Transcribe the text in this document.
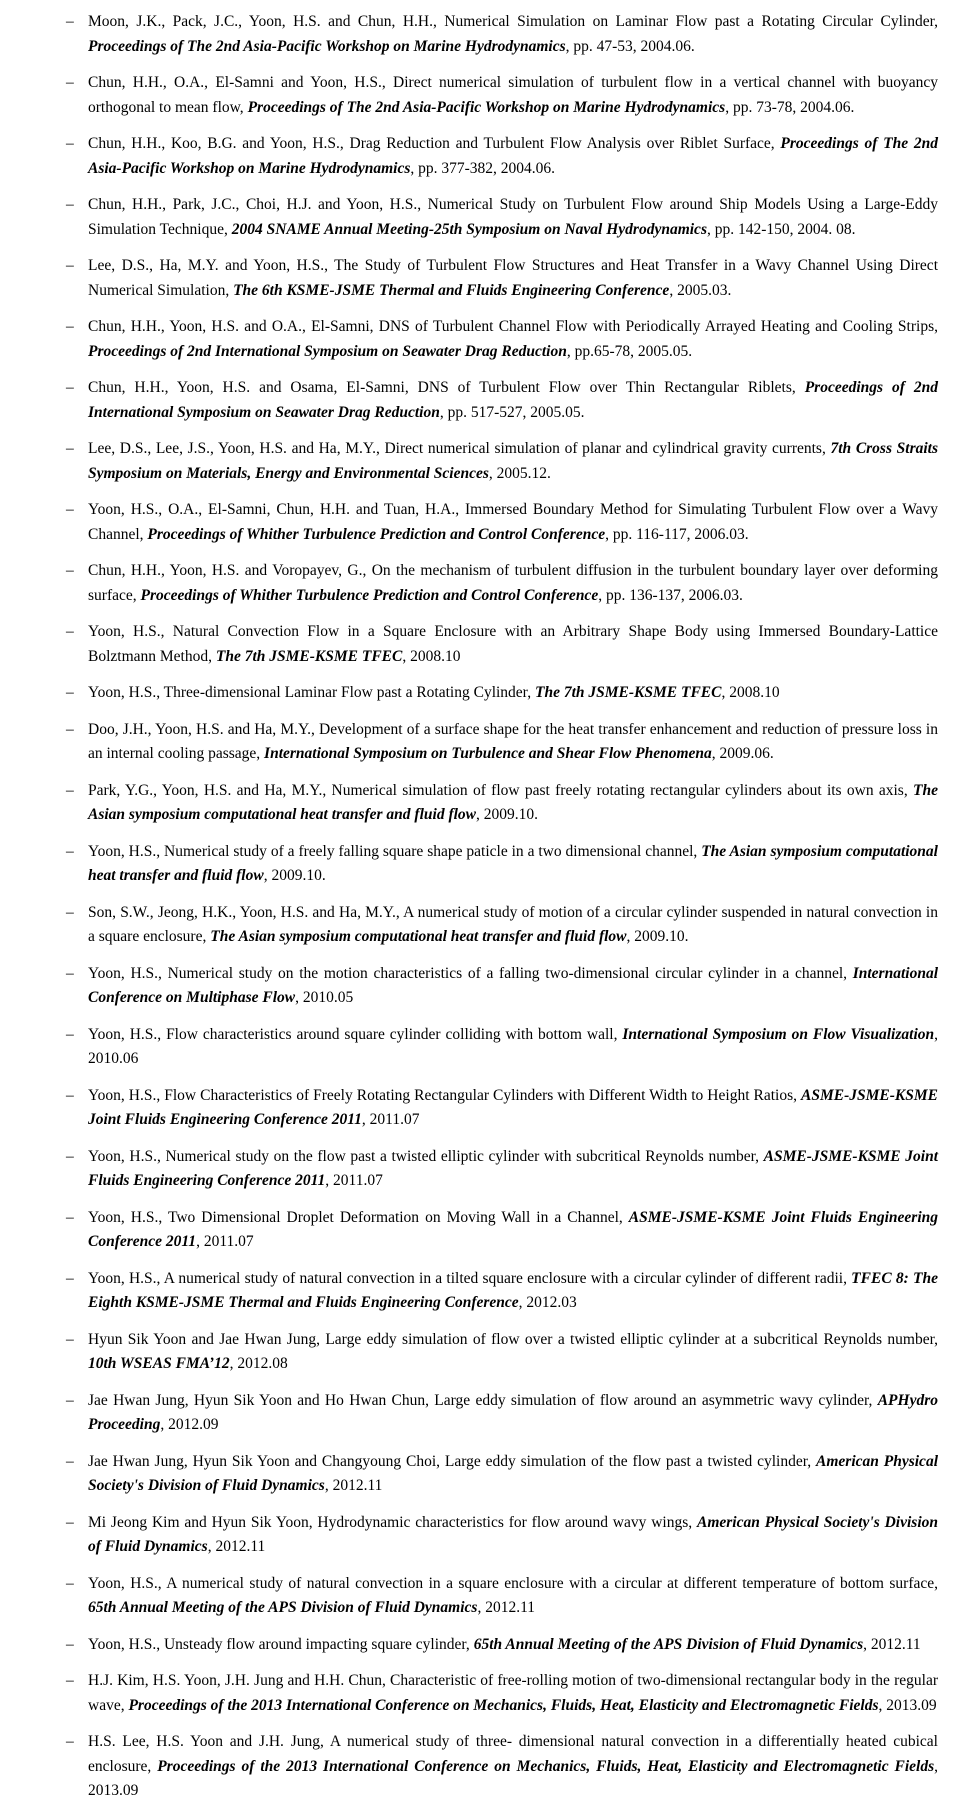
– Moon, J.K., Pack, J.C., Yoon, H.S. and Chun, H.H., Numerical Simulation on Laminar Flow past a Rotating Circular Cylinder, Proceedings of The 2nd Asia-Pacific Workshop on Marine Hydrodynamics, pp. 47-53, 2004.06.
– Chun, H.H., O.A., El-Samni and Yoon, H.S., Direct numerical simulation of turbulent flow in a vertical channel with buoyancy orthogonal to mean flow, Proceedings of The 2nd Asia-Pacific Workshop on Marine Hydrodynamics, pp. 73-78, 2004.06.
– Chun, H.H., Koo, B.G. and Yoon, H.S., Drag Reduction and Turbulent Flow Analysis over Riblet Surface, Proceedings of The 2nd Asia-Pacific Workshop on Marine Hydrodynamics, pp. 377-382, 2004.06.
– Chun, H.H., Park, J.C., Choi, H.J. and Yoon, H.S., Numerical Study on Turbulent Flow around Ship Models Using a Large-Eddy Simulation Technique, 2004 SNAME Annual Meeting-25th Symposium on Naval Hydrodynamics, pp. 142-150, 2004. 08.
– Lee, D.S., Ha, M.Y. and Yoon, H.S., The Study of Turbulent Flow Structures and Heat Transfer in a Wavy Channel Using Direct Numerical Simulation, The 6th KSME-JSME Thermal and Fluids Engineering Conference, 2005.03.
– Chun, H.H., Yoon, H.S. and O.A., El-Samni, DNS of Turbulent Channel Flow with Periodically Arrayed Heating and Cooling Strips, Proceedings of 2nd International Symposium on Seawater Drag Reduction, pp.65-78, 2005.05.
– Chun, H.H., Yoon, H.S. and Osama, El-Samni, DNS of Turbulent Flow over Thin Rectangular Riblets, Proceedings of 2nd International Symposium on Seawater Drag Reduction, pp. 517-527, 2005.05.
– Lee, D.S., Lee, J.S., Yoon, H.S. and Ha, M.Y., Direct numerical simulation of planar and cylindrical gravity currents, 7th Cross Straits Symposium on Materials, Energy and Environmental Sciences, 2005.12.
– Yoon, H.S., O.A., El-Samni, Chun, H.H. and Tuan, H.A., Immersed Boundary Method for Simulating Turbulent Flow over a Wavy Channel, Proceedings of Whither Turbulence Prediction and Control Conference, pp. 116-117, 2006.03.
– Chun, H.H., Yoon, H.S. and Voropayev, G., On the mechanism of turbulent diffusion in the turbulent boundary layer over deforming surface, Proceedings of Whither Turbulence Prediction and Control Conference, pp. 136-137, 2006.03.
– Yoon, H.S., Natural Convection Flow in a Square Enclosure with an Arbitrary Shape Body using Immersed Boundary-Lattice Bolztmann Method, The 7th JSME-KSME TFEC, 2008.10
– Yoon, H.S., Three-dimensional Laminar Flow past a Rotating Cylinder, The 7th JSME-KSME TFEC, 2008.10
– Doo, J.H., Yoon, H.S. and Ha, M.Y., Development of a surface shape for the heat transfer enhancement and reduction of pressure loss in an internal cooling passage, International Symposium on Turbulence and Shear Flow Phenomena, 2009.06.
– Park, Y.G., Yoon, H.S. and Ha, M.Y., Numerical simulation of flow past freely rotating rectangular cylinders about its own axis, The Asian symposium computational heat transfer and fluid flow, 2009.10.
– Yoon, H.S., Numerical study of a freely falling square shape paticle in a two dimensional channel, The Asian symposium computational heat transfer and fluid flow, 2009.10.
– Son, S.W., Jeong, H.K., Yoon, H.S. and Ha, M.Y., A numerical study of motion of a circular cylinder suspended in natural convection in a square enclosure, The Asian symposium computational heat transfer and fluid flow, 2009.10.
– Yoon, H.S., Numerical study on the motion characteristics of a falling two-dimensional circular cylinder in a channel, International Conference on Multiphase Flow, 2010.05
– Yoon, H.S., Flow characteristics around square cylinder colliding with bottom wall, International Symposium on Flow Visualization, 2010.06
– Yoon, H.S., Flow Characteristics of Freely Rotating Rectangular Cylinders with Different Width to Height Ratios, ASME-JSME-KSME Joint Fluids Engineering Conference 2011, 2011.07
– Yoon, H.S., Numerical study on the flow past a twisted elliptic cylinder with subcritical Reynolds number, ASME-JSME-KSME Joint Fluids Engineering Conference 2011, 2011.07
– Yoon, H.S., Two Dimensional Droplet Deformation on Moving Wall in a Channel, ASME-JSME-KSME Joint Fluids Engineering Conference 2011, 2011.07
– Yoon, H.S., A numerical study of natural convection in a tilted square enclosure with a circular cylinder of different radii, TFEC 8: The Eighth KSME-JSME Thermal and Fluids Engineering Conference, 2012.03
– Hyun Sik Yoon and Jae Hwan Jung, Large eddy simulation of flow over a twisted elliptic cylinder at a subcritical Reynolds number, 10th WSEAS FMA’12, 2012.08
– Jae Hwan Jung, Hyun Sik Yoon and Ho Hwan Chun, Large eddy simulation of flow around an asymmetric wavy cylinder, APHydro Proceeding, 2012.09
– Jae Hwan Jung, Hyun Sik Yoon and Changyoung Choi, Large eddy simulation of the flow past a twisted cylinder, American Physical Society's Division of Fluid Dynamics, 2012.11
– Mi Jeong Kim and Hyun Sik Yoon, Hydrodynamic characteristics for flow around wavy wings, American Physical Society's Division of Fluid Dynamics, 2012.11
– Yoon, H.S., A numerical study of natural convection in a square enclosure with a circular at different temperature of bottom surface, 65th Annual Meeting of the APS Division of Fluid Dynamics, 2012.11
– Yoon, H.S., Unsteady flow around impacting square cylinder, 65th Annual Meeting of the APS Division of Fluid Dynamics, 2012.11
– H.J. Kim, H.S. Yoon, J.H. Jung and H.H. Chun, Characteristic of free-rolling motion of two-dimensional rectangular body in the regular wave, Proceedings of the 2013 International Conference on Mechanics, Fluids, Heat, Elasticity and Electromagnetic Fields, 2013.09
– H.S. Lee, H.S. Yoon and J.H. Jung, A numerical study of three- dimensional natural convection in a differentially heated cubical enclosure, Proceedings of the 2013 International Conference on Mechanics, Fluids, Heat, Elasticity and Electromagnetic Fields, 2013.09
